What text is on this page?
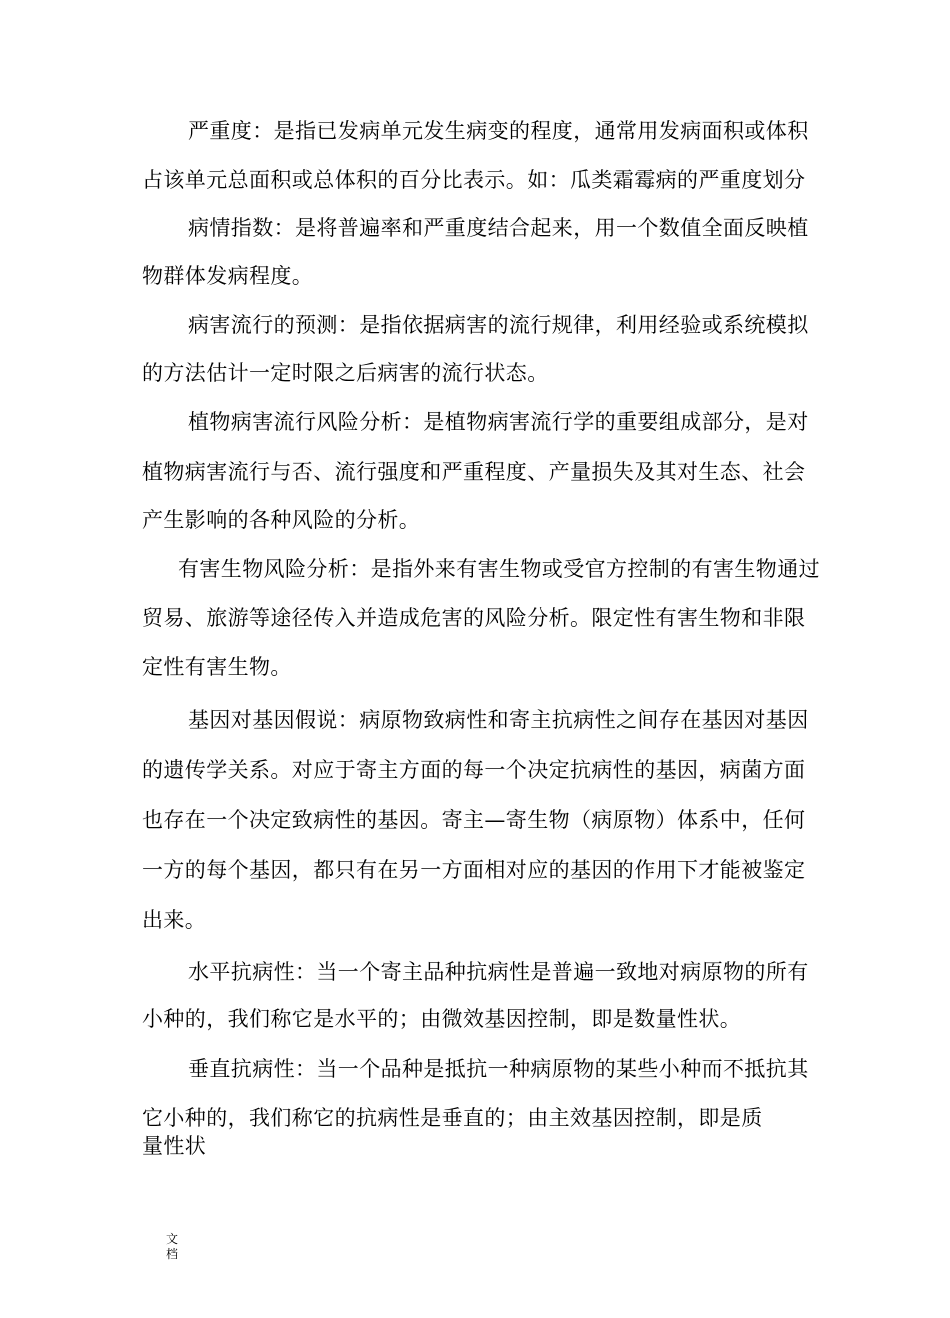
严重度：是指已发病单元发生病变的程度，通常用发病面积或体积
占该单元总面积或总体积的百分比表示。如：瓜类霜霉病的严重度划分
病情指数：是将普遍率和严重度结合起来，用一个数值全面反映植
物群体发病程度。
病害流行的预测：是指依据病害的流行规律，利用经验或系统模拟
的方法估计一定时限之后病害的流行状态。
植物病害流行风险分析：是植物病害流行学的重要组成部分，是对
植物病害流行与否、流行强度和严重程度、产量损失及其对生态、社会
产生影响的各种风险的分析。
有害生物风险分析：是指外来有害生物或受官方控制的有害生物通过
贸易、旅游等途径传入并造成危害的风险分析。限定性有害生物和非限
定性有害生物。
基因对基因假说：病原物致病性和寄主抗病性之间存在基因对基因
的遗传学关系。对应于寄主方面的每一个决定抗病性的基因，病菌方面
也存在一个决定致病性的基因。寄主—寄生物（病原物）体系中，任何
一方的每个基因，都只有在另一方面相对应的基因的作用下才能被鉴定
出来。
水平抗病性：当一个寄主品种抗病性是普遍一致地对病原物的所有
小种的，我们称它是水平的；由微效基因控制，即是数量性状。
垂直抗病性：当一个品种是抵抗一种病原物的某些小种而不抵抗其
它小种的，我们称它的抗病性是垂直的；由主效基因控制，即是质
量性状
文档
